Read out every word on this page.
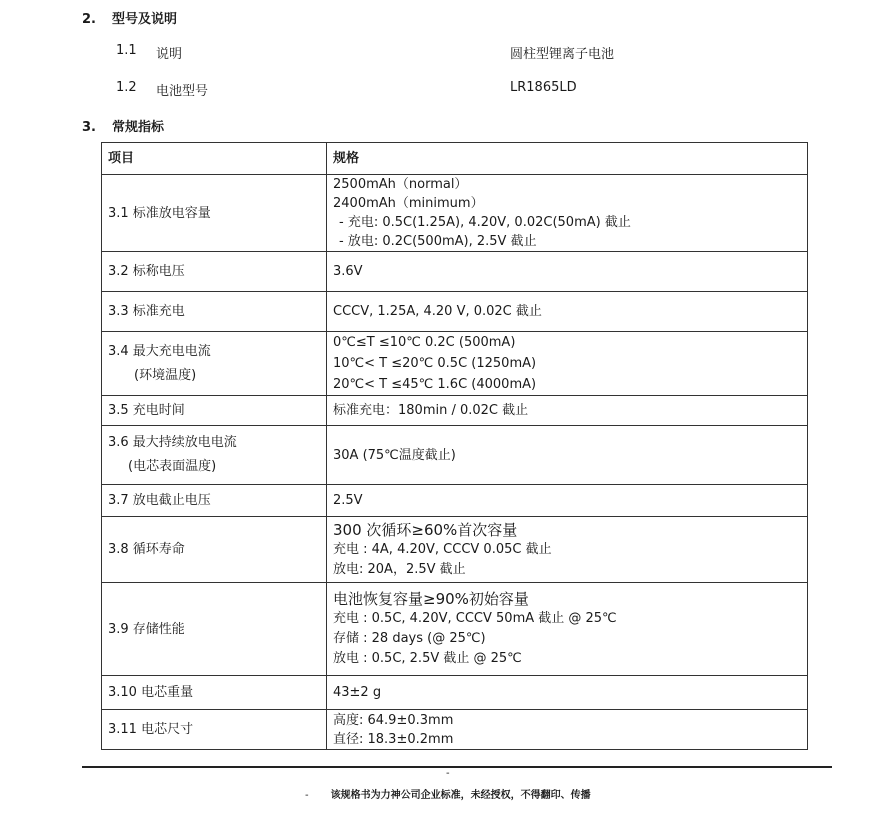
2. 型号及说明
1.1 说明	圆柱型锂离子电池
1.2 电池型号	LR1865LD
3. 常规指标
项目	规格
3.1 标准放电容量	2500mAh（normal）
2400mAh（minimum）
- 充电: 0.5C(1.25A), 4.20V, 0.02C(50mA) 截止
- 放电: 0.2C(500mA), 2.5V 截止

3.2 标称电压	3.6V
3.3 标准充电	CCCV, 1.25A, 4.20 V, 0.02C 截止

3.4 最大充电电流
(环境温度)	0℃≤T ≤10℃ 0.2C (500mA)
10℃< T ≤20℃ 0.5C (1250mA)
20℃< T ≤45℃ 1.6C (4000mA)

3.5 充电时间	标准充电：180min / 0.02C 截止

3.6 最大持续放电电流
(电芯表面温度)	30A (75℃温度截止)
3.7 放电截止电压	2.5V
3.8 循环寿命	300 次循环≥60%首次容量
充电 : 4A, 4.20V, CCCV 0.05C 截止
放电: 20A，2.5V 截止

3.9 存储性能	电池恢复容量≥90%初始容量
充电 : 0.5C, 4.20V, CCCV 50mA 截止 @ 25℃
存储 : 28 days (@ 25℃)
放电 : 0.5C, 2.5V 截止 @ 25℃

3.10 电芯重量	43±2 g
3.11 电芯尺寸	高度: 64.9±0.3mm
直径: 18.3±0.2mm
-
- 该规格书为力神公司企业标准，未经授权，不得翻印、传播
